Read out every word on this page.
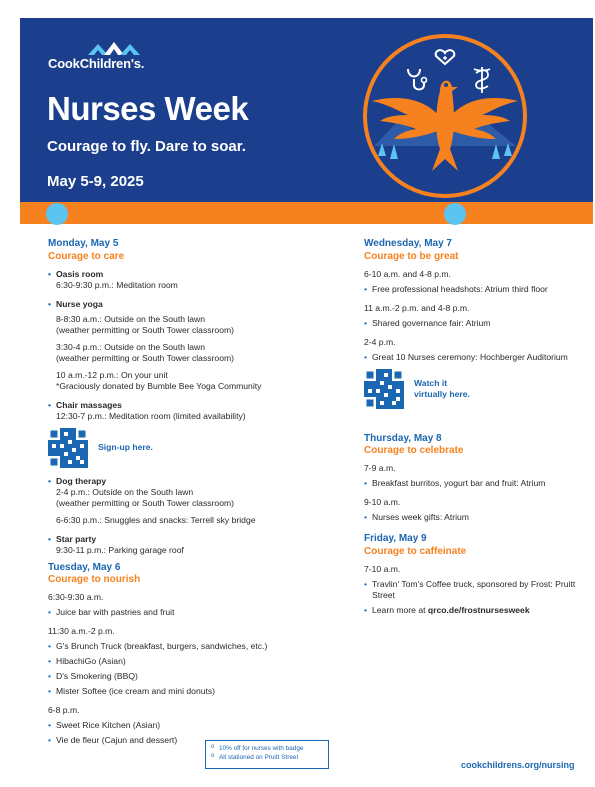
CookChildren's.
Nurses Week
Courage to fly. Dare to soar.
May 5-9, 2025
Monday, May 5
Courage to care
• Oasis room
6:30-9:30 p.m.: Meditation room
• Nurse yoga
8-8:30 a.m.: Outside on the South lawn
(weather permitting or South Tower classroom)
3:30-4 p.m.: Outside on the South lawn
(weather permitting or South Tower classroom)
10 a.m.-12 p.m.: On your unit
*Graciously donated by Bumble Bee Yoga Community
• Chair massages
12:30-7 p.m.: Meditation room (limited availability)
Sign-up here.
• Dog therapy
2-4 p.m.: Outside on the South lawn
(weather permitting or South Tower classroom)
6-6:30 p.m.: Snuggles and snacks: Terrell sky bridge
• Star party
9:30-11 p.m.: Parking garage roof
Tuesday, May 6
Courage to nourish
6:30-9:30 a.m.
• Juice bar with pastries and fruit
11:30 a.m.-2 p.m.
• G's Brunch Truck (breakfast, burgers, sandwiches, etc.)
• HibachiGo (Asian)
• D's Smokering (BBQ)
• Mister Softee (ice cream and mini donuts)
6-8 p.m.
• Sweet Rice Kitchen (Asian)
• Vie de fleur (Cajun and dessert)
o 10% off for nurses with badge
o All stationed on Pruitt Street
Wednesday, May 7
Courage to be great
6-10 a.m. and 4-8 p.m.
• Free professional headshots: Atrium third floor
11 a.m.-2 p.m. and 4-8 p.m.
• Shared governance fair: Atrium
2-4 p.m.
• Great 10 Nurses ceremony: Hochberger Auditorium
Watch it virtually here.
Thursday, May 8
Courage to celebrate
7-9 a.m.
• Breakfast burritos, yogurt bar and fruit: Atrium
9-10 a.m.
• Nurses week gifts: Atrium
Friday, May 9
Courage to caffeinate
7-10 a.m.
• Travlin' Tom's Coffee truck, sponsored by Frost: Pruitt Street
• Learn more at qrco.de/frostnursesweek
cookchildrens.org/nursing
